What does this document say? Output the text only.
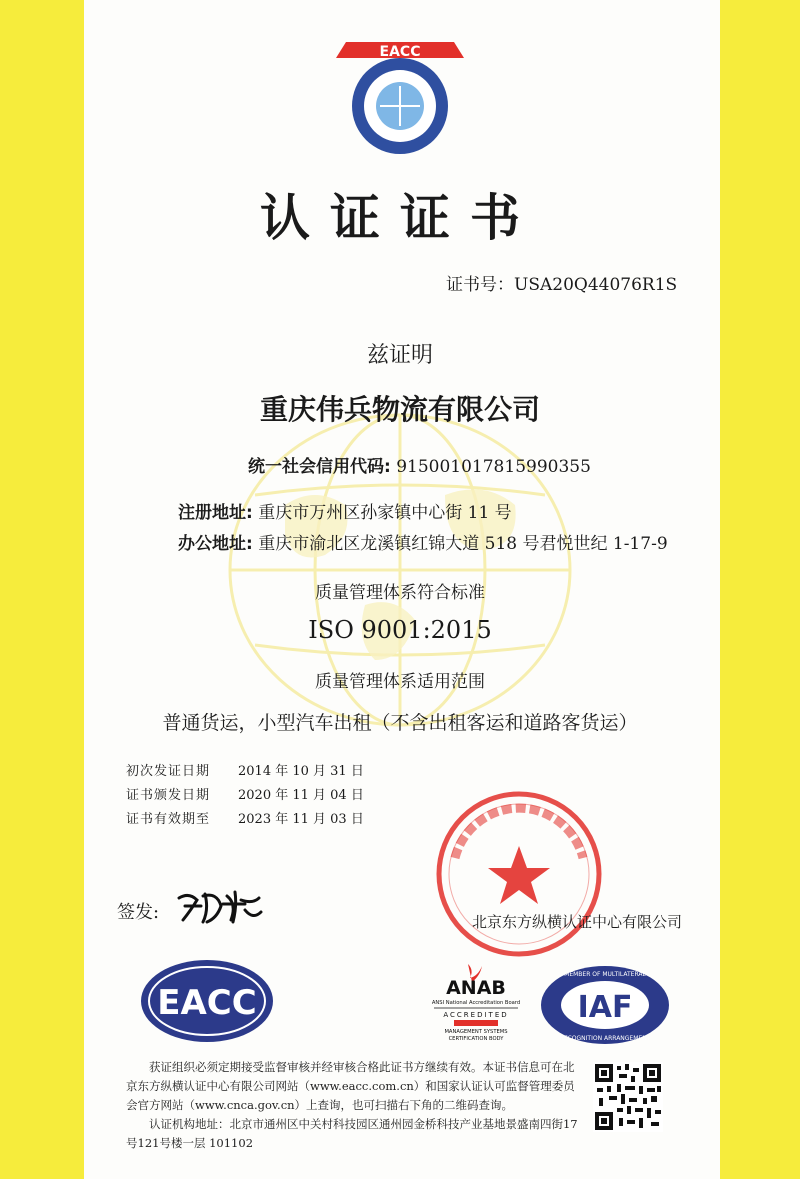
EACC
认证证书
证书号：USA20Q44076R1S
兹证明
重庆伟兵物流有限公司
统一社会信用代码: 915001017815990355
注册地址: 重庆市万州区孙家镇中心街 11 号
办公地址: 重庆市渝北区龙溪镇红锦大道 518 号君悦世纪 1-17-9
质量管理体系符合标准
ISO 9001:2015
质量管理体系适用范围
普通货运，小型汽车出租（不含出租客运和道路客货运）
初次发证日期	2014 年 10 月 31 日
证书颁发日期	2020 年 11 月 04 日
证书有效期至	2023 年 11 月 03 日
北京东方纵横认证中心有限公司
签发:
EACC	ANAB
ANSI National Accreditation Board
ACCREDITED
MANAGEMENT SYSTEMS
CERTIFICATION BODY
IAF
MEMBER OF MULTILATERAL
RECOGNITION ARRANGEMENT

获证组织必须定期接受监督审核并经审核合格此证书方继续有效。本证书信息可在北京东方纵横认证中心有限公司网站（www.eacc.com.cn）和国家认证认可监督管理委员会官方网站（www.cnca.gov.cn）上查询，也可扫描右下角的二维码查询。

认证机构地址：北京市通州区中关村科技园区通州园金桥科技产业基地景盛南四街17号121号楼一层 101102
